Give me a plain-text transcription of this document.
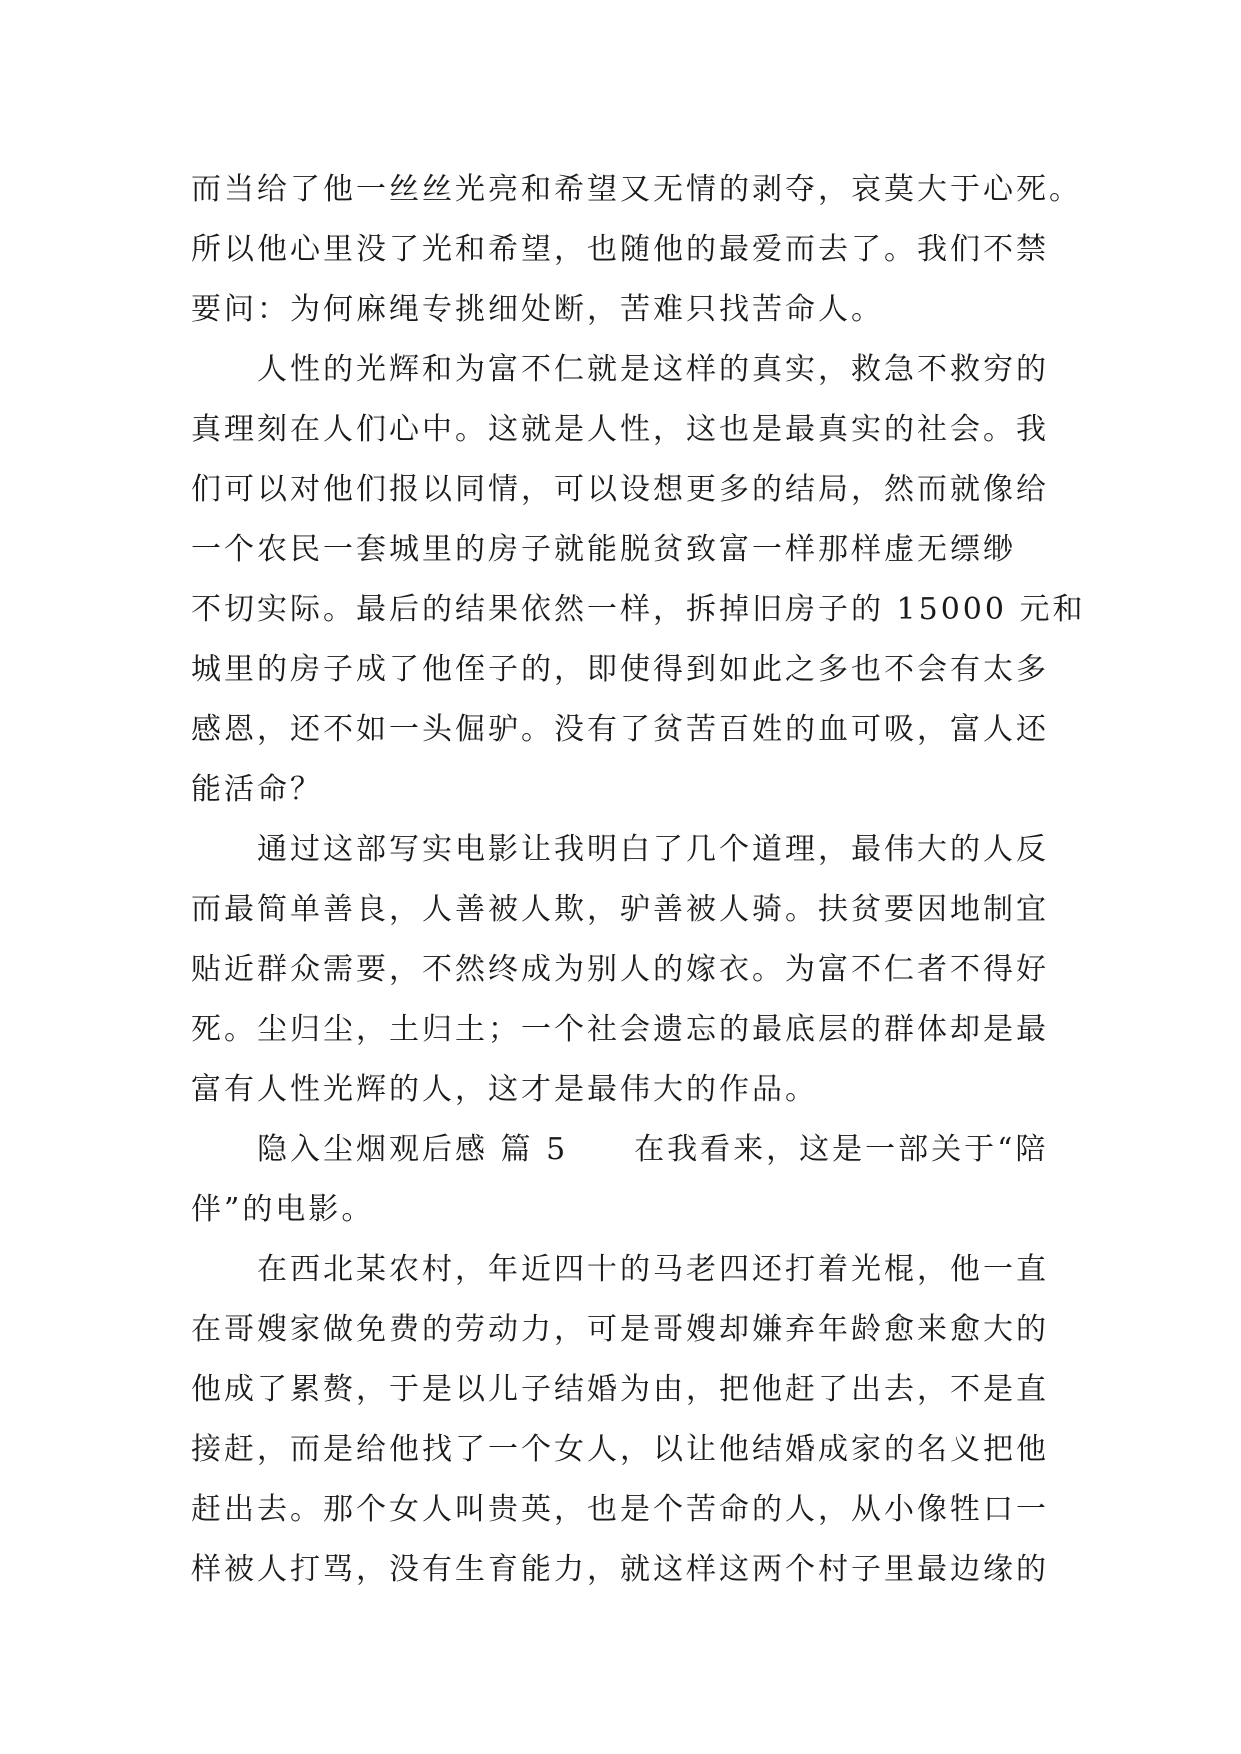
而当给了他一丝丝光亮和希望又无情的剥夺，哀莫大于心死。
所以他心里没了光和希望，也随他的最爱而去了。我们不禁
要问：为何麻绳专挑细处断，苦难只找苦命人。
　　人性的光辉和为富不仁就是这样的真实，救急不救穷的
真理刻在人们心中。这就是人性，这也是最真实的社会。我
们可以对他们报以同情，可以设想更多的结局，然而就像给
一个农民一套城里的房子就能脱贫致富一样那样虚无缥缈
不切实际。最后的结果依然一样，拆掉旧房子的 15000 元和
城里的房子成了他侄子的，即使得到如此之多也不会有太多
感恩，还不如一头倔驴。没有了贫苦百姓的血可吸，富人还
能活命？
　　通过这部写实电影让我明白了几个道理，最伟大的人反
而最简单善良，人善被人欺，驴善被人骑。扶贫要因地制宜
贴近群众需要，不然终成为别人的嫁衣。为富不仁者不得好
死。尘归尘，土归土；一个社会遗忘的最底层的群体却是最
富有人性光辉的人，这才是最伟大的作品。
　　隐入尘烟观后感 篇 5　　在我看来，这是一部关于“陪
伴”的电影。
　　在西北某农村，年近四十的马老四还打着光棍，他一直
在哥嫂家做免费的劳动力，可是哥嫂却嫌弃年龄愈来愈大的
他成了累赘，于是以儿子结婚为由，把他赶了出去，不是直
接赶，而是给他找了一个女人，以让他结婚成家的名义把他
赶出去。那个女人叫贵英，也是个苦命的人，从小像牲口一
样被人打骂，没有生育能力，就这样这两个村子里最边缘的
